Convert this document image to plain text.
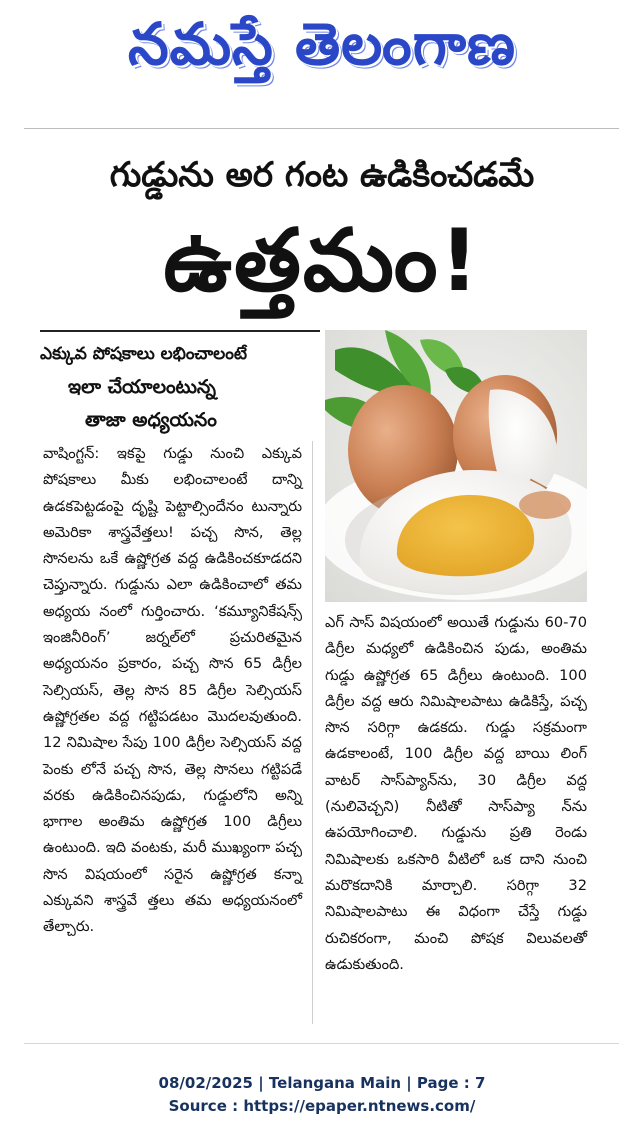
నమస్తే తెలంగాణ
గుడ్డును అర గంట ఉడికించడమే
ఉత్తమం!
ఎక్కువ పోషకాలు లభించాలంటే
ఇలా చేయాలంటున్న
తాజా అధ్యయనం

వాషింగ్టన్: ఇకపై గుడ్డు నుంచి ఎక్కువ పోషకాలు మీకు లభించాలంటే దాన్ని ఉడకపెట్టడంపై దృష్టి పెట్టాల్సిందేనం టున్నారు అమెరికా శాస్త్రవేత్తలు! పచ్చ సొన, తెల్ల సొనలను ఒకే ఉష్ణోగ్రత వద్ద ఉడికించకూడదని చెప్తున్నారు. గుడ్డును ఎలా ఉడికించాలో తమ అధ్యయ నంలో గుర్తించారు. ‘కమ్యూనికేషన్స్ ఇంజినీరింగ్’ జర్నల్‌లో ప్రచురితమైన అధ్యయనం ప్రకారం, పచ్చ సొన 65 డిగ్రీల సెల్సియస్, తెల్ల సొన 85 డిగ్రీల సెల్సియస్ ఉష్ణోగ్రతల వద్ద గట్టిపడటం మొదలవుతుంది. 12 నిమిషాల సేపు 100 డిగ్రీల సెల్సియస్ వద్ద పెంకు లోనే పచ్చ సొన, తెల్ల సొనలు గట్టిపడే వరకు ఉడికించినపుడు, గుడ్డులోని అన్ని భాగాల అంతిమ ఉష్ణోగ్రత 100 డిగ్రీలు ఉంటుంది. ఇది వంటకు, మరీ ముఖ్యంగా పచ్చ సొన విషయంలో సరైన ఉష్ణోగ్రత కన్నా ఎక్కువని శాస్త్రవే త్తలు తమ అధ్యయనంలో తేల్చారు.

ఎగ్ సాస్ విషయంలో అయితే గుడ్డును 60-70 డిగ్రీల మధ్యలో ఉడికించిన పుడు, అంతిమ గుడ్డు ఉష్ణోగ్రత 65 డిగ్రీలు ఉంటుంది. 100 డిగ్రీల వద్ద ఆరు నిమిషాలపాటు ఉడికిస్తే, పచ్చ సొన సరిగ్గా ఉడకదు. గుడ్డు సక్రమంగా ఉడకాలంటే, 100 డిగ్రీల వద్ద బాయి లింగ్ వాటర్ సాస్‌ప్యాన్‌ను, 30 డిగ్రీల వద్ద (నులివెచ్చని) నీటితో సాస్‌ప్యా న్‌ను ఉపయోగించాలి. గుడ్డును ప్రతి రెండు నిమిషాలకు ఒకసారి వీటిలో ఒక దాని నుంచి మరొకదానికి మార్చాలి. సరిగ్గా 32 నిమిషాలపాటు ఈ విధంగా చేస్తే గుడ్డు రుచికరంగా, మంచి పోషక విలువలతో ఉడుకుతుంది.

08/02/2025 | Telangana Main | Page : 7
Source : https://epaper.ntnews.com/
